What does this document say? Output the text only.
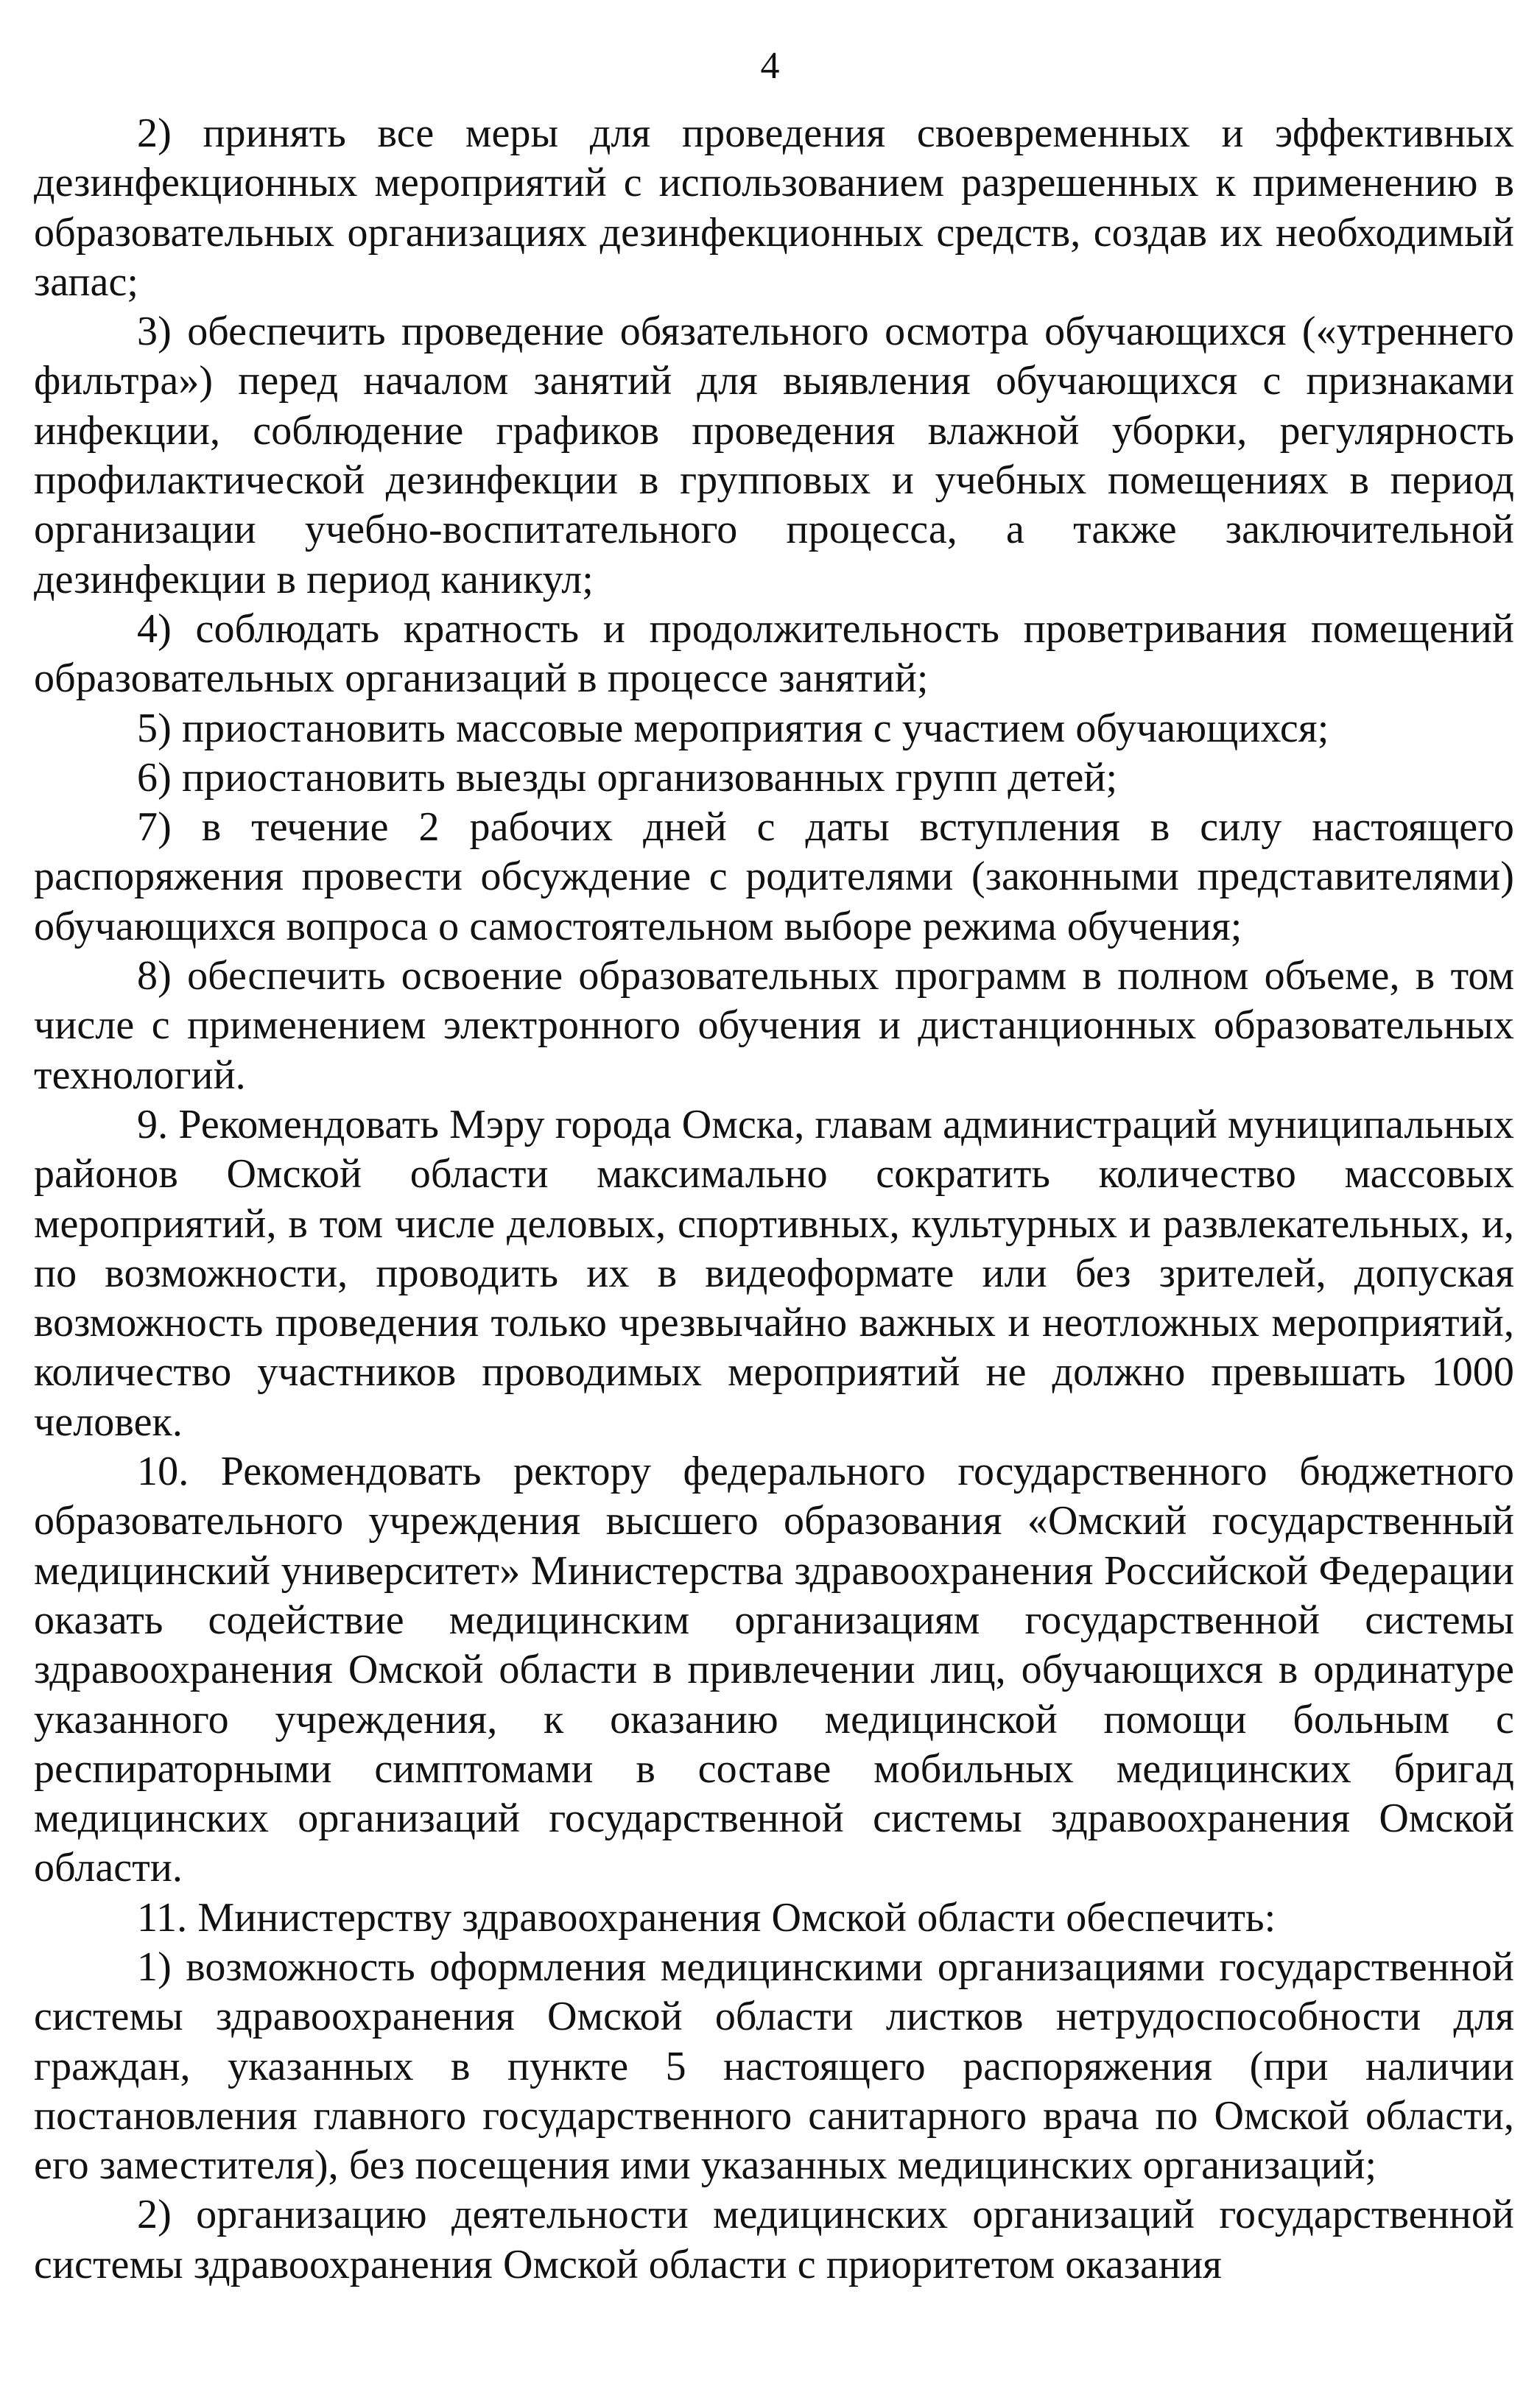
4

2) принять все меры для проведения своевременных и эффективных дезинфекционных мероприятий с использованием разрешенных к применению в образовательных организациях дезинфекционных средств, создав их необходимый запас;

3) обеспечить проведение обязательного осмотра обучающихся («утреннего фильтра») перед началом занятий для выявления обучающихся с признаками инфекции, соблюдение графиков проведения влажной уборки, регулярность профилактической дезинфекции в групповых и учебных помещениях в период организации учебно-воспитательного процесса, а также заключительной дезинфекции в период каникул;

4) соблюдать кратность и продолжительность проветривания помещений образовательных организаций в процессе занятий;

5) приостановить массовые мероприятия с участием обучающихся;

6) приостановить выезды организованных групп детей;

7) в течение 2 рабочих дней с даты вступления в силу настоящего распоряжения провести обсуждение с родителями (законными представителями) обучающихся вопроса о самостоятельном выборе режима обучения;

8) обеспечить освоение образовательных программ в полном объеме, в том числе с применением электронного обучения и дистанционных образовательных технологий.

9. Рекомендовать Мэру города Омска, главам администраций муниципальных районов Омской области максимально сократить количество массовых мероприятий, в том числе деловых, спортивных, культурных и развлекательных, и, по возможности, проводить их в видеоформате или без зрителей, допуская возможность проведения только чрезвычайно важных и неотложных мероприятий, количество участников проводимых мероприятий не должно превышать 1000 человек.

10. Рекомендовать ректору федерального государственного бюджетного образовательного учреждения высшего образования «Омский государственный медицинский университет» Министерства здравоохранения Российской Федерации оказать содействие медицинским организациям государственной системы здравоохранения Омской области в привлечении лиц, обучающихся в ординатуре указанного учреждения, к оказанию медицинской помощи больным с респираторными симптомами в составе мобильных медицинских бригад медицинских организаций государственной системы здравоохранения Омской области.

11. Министерству здравоохранения Омской области обеспечить:

1) возможность оформления медицинскими организациями государственной системы здравоохранения Омской области листков нетрудоспособности для граждан, указанных в пункте 5 настоящего распоряжения (при наличии постановления главного государственного санитарного врача по Омской области, его заместителя), без посещения ими указанных медицинских организаций;

2) организацию деятельности медицинских организаций государственной системы здравоохранения Омской области с приоритетом оказания
